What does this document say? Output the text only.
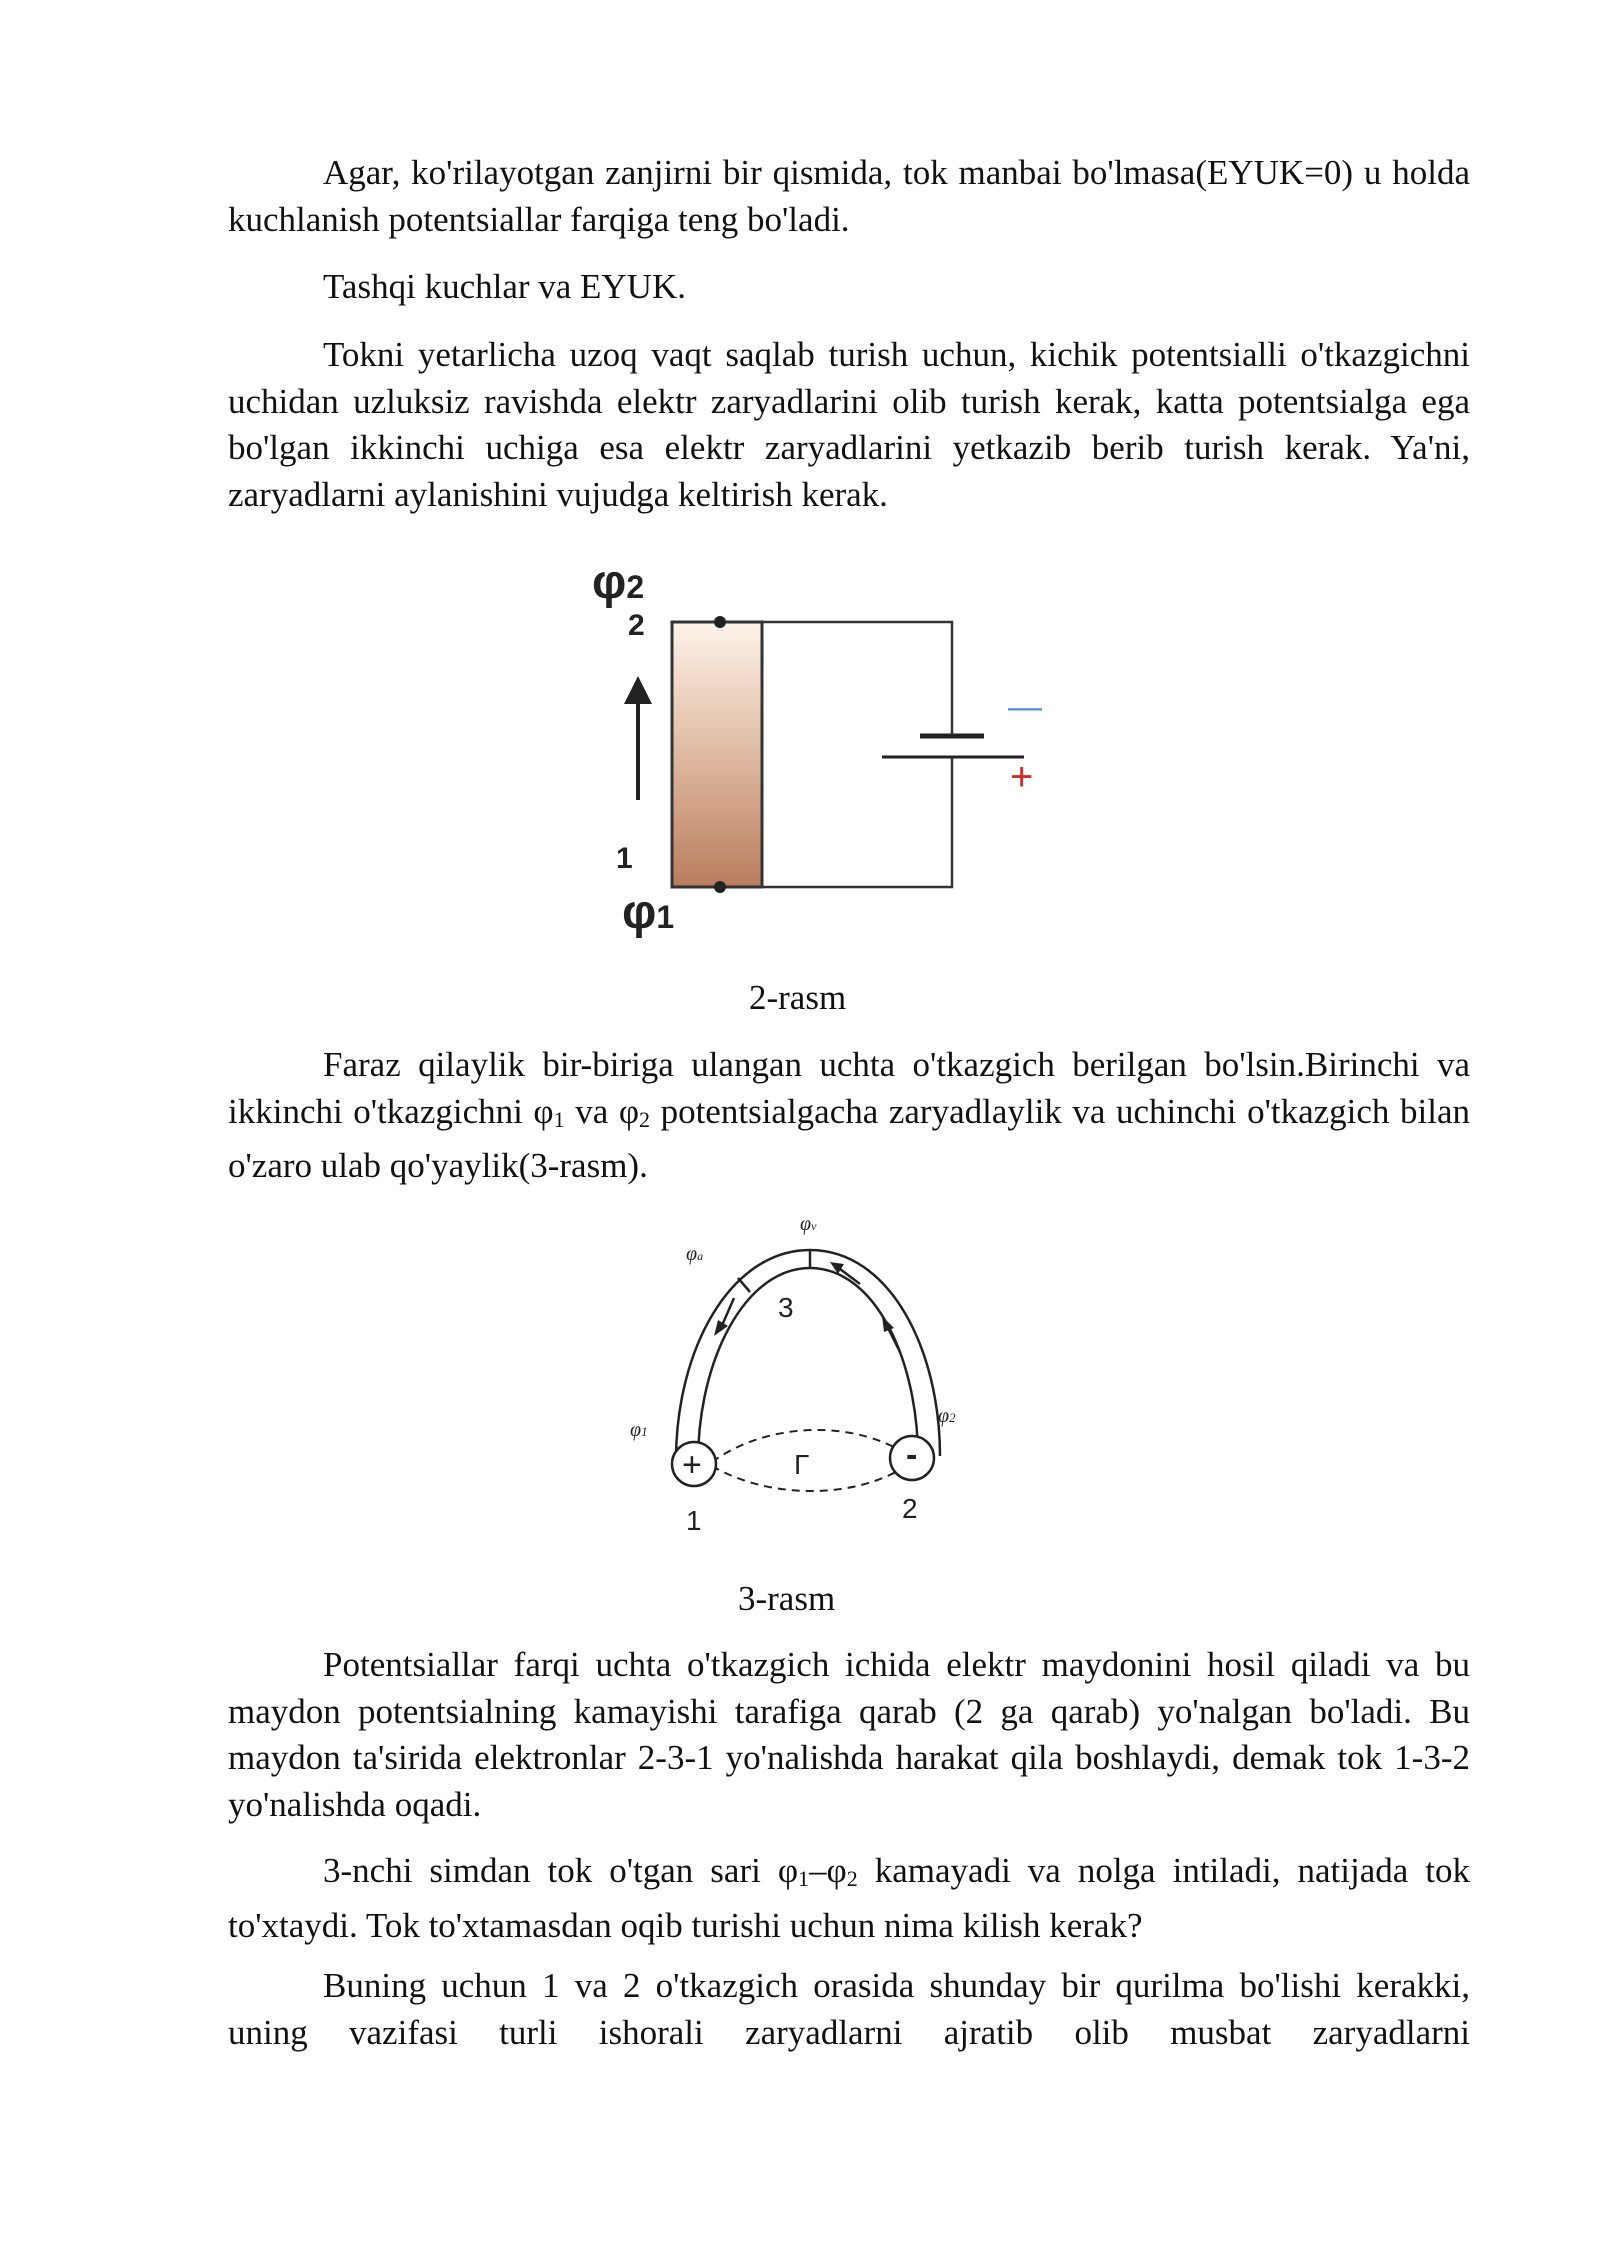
Agar, ko'rilayotgan zanjirni bir qismida, tok manbai bo'lmasa(EYUK=0) u holda kuchlanish potentsiallar farqiga teng bo'ladi.

Tashqi kuchlar va EYUK.

Tokni yetarlicha uzoq vaqt saqlab turish uchun, kichik potentsialli o'tkazgichni uchidan uzluksiz ravishda elektr zaryadlarini olib turish kerak, katta potentsialga ega bo'lgan ikkinchi uchiga esa elektr zaryadlarini yetkazib berib turish kerak. Ya'ni, zaryadlarni aylanishini vujudga keltirish kerak.

φ2
2
1
φ1
—
+

2-rasm

Faraz qilaylik bir-biriga ulangan uchta o'tkazgich berilgan bo'lsin.Birinchi va ikkinchi o'tkazgichni φ1 va φ2 potentsialgacha zaryadlaylik va uchinchi o'tkazgich bilan o'zaro ulab qo'yaylik(3-rasm).

+	-
3
Г
1	2
φv
φa
φ1
φ2

3-rasm

Potentsiallar farqi uchta o'tkazgich ichida elektr maydonini hosil qiladi va bu maydon potentsialning kamayishi tarafiga qarab (2 ga qarab) yo'nalgan bo'ladi. Bu maydon ta'sirida elektronlar 2-3-1 yo'nalishda harakat qila boshlaydi, demak tok 1-3-2 yo'nalishda oqadi.

3-nchi simdan tok o'tgan sari φ1–φ2 kamayadi va nolga intiladi, natijada tok to'xtaydi. Tok to'xtamasdan oqib turishi uchun nima kilish kerak?

Buning uchun 1 va 2 o'tkazgich orasida shunday bir qurilma bo'lishi kerakki, uning vazifasi turli ishorali zaryadlarni ajratib olib musbat zaryadlarni
